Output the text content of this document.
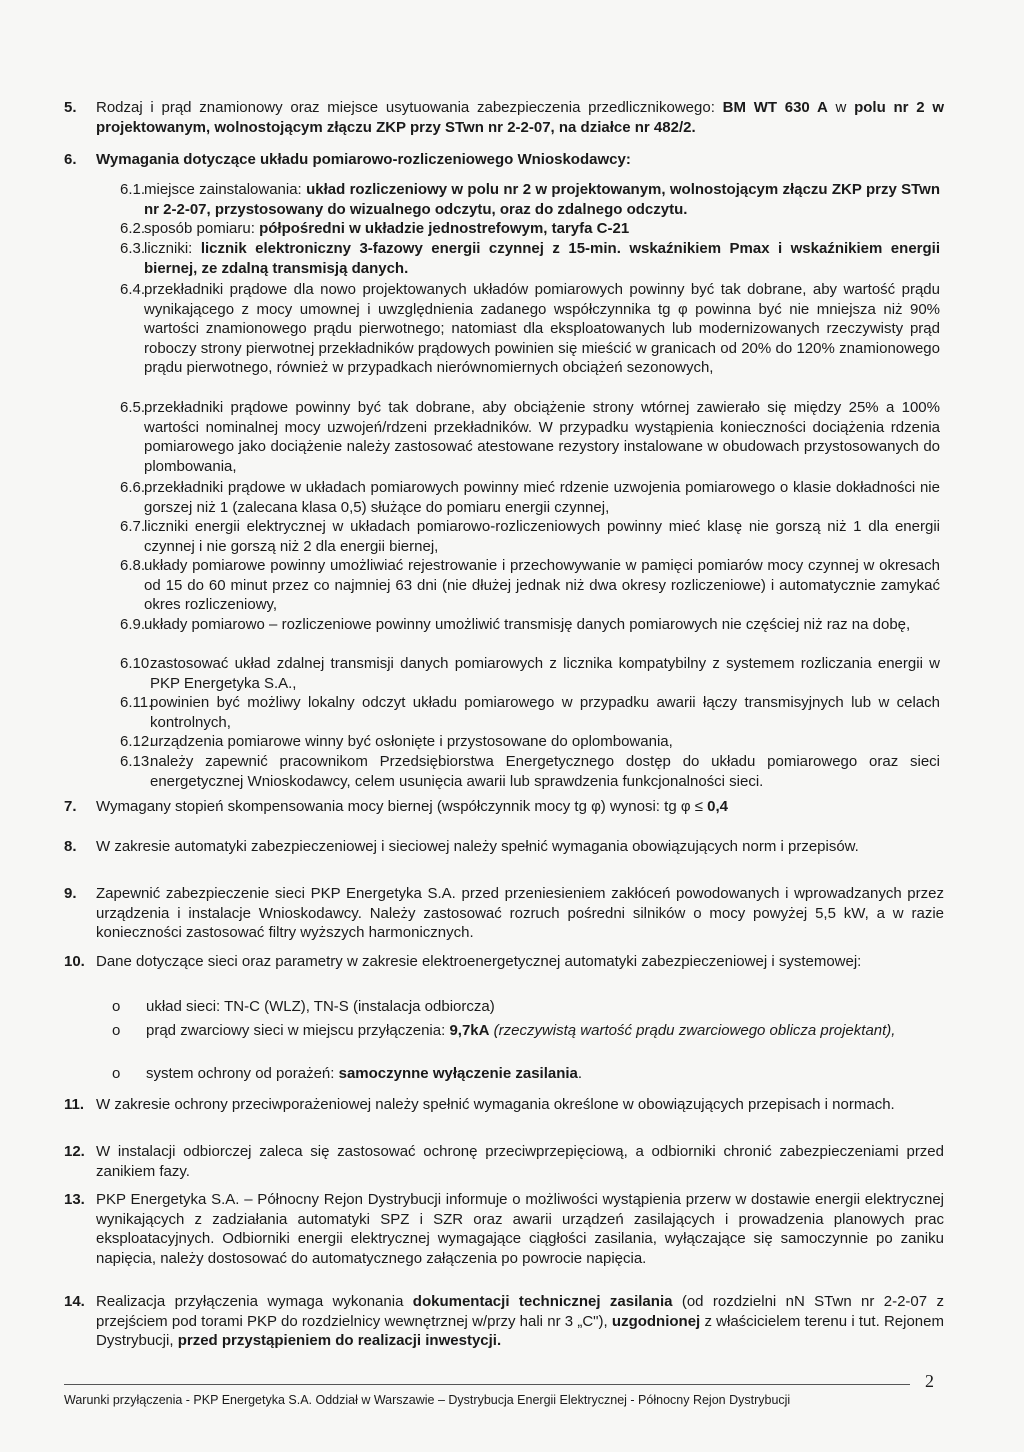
5.	Rodzaj i prąd znamionowy oraz miejsce usytuowania zabezpieczenia przedlicznikowego: BM WT 630 A w polu nr 2 w projektowanym, wolnostojącym złączu ZKP przy STwn nr 2-2-07, na działce nr 482/2.
6.	Wymagania dotyczące układu pomiarowo-rozliczeniowego Wnioskodawcy:
6.1.
miejsce zainstalowania: układ rozliczeniowy w polu nr 2 w projektowanym, wolnostojącym złączu ZKP przy STwn nr 2-2-07, przystosowany do wizualnego odczytu, oraz do zdalnego odczytu.
6.2.
sposób pomiaru: półpośredni w układzie jednostrefowym, taryfa C-21
6.3.
liczniki: licznik elektroniczny 3-fazowy energii czynnej z 15-min. wskaźnikiem Pmax i wskaźnikiem energii biernej, ze zdalną transmisją danych.
6.4.
przekładniki prądowe dla nowo projektowanych układów pomiarowych powinny być tak dobrane, aby wartość prądu wynikającego z mocy umownej i uwzględnienia zadanego współczynnika tg φ powinna być nie mniejsza niż 90% wartości znamionowego prądu pierwotnego; natomiast dla eksploatowanych lub modernizowanych rzeczywisty prąd roboczy strony pierwotnej przekładników prądowych powinien się mieścić w granicach od 20% do 120% znamionowego prądu pierwotnego, również w przypadkach nierównomiernych obciążeń sezonowych,
6.5.
przekładniki prądowe powinny być tak dobrane, aby obciążenie strony wtórnej zawierało się między 25% a 100% wartości nominalnej mocy uzwojeń/rdzeni przekładników. W przypadku wystąpienia konieczności dociążenia rdzenia pomiarowego jako dociążenie należy zastosować atestowane rezystory instalowane w obudowach przystosowanych do plombowania,
6.6.
przekładniki prądowe w układach pomiarowych powinny mieć rdzenie uzwojenia pomiarowego o klasie dokładności nie gorszej niż 1 (zalecana klasa 0,5) służące do pomiaru energii czynnej,
6.7.
liczniki energii elektrycznej w układach pomiarowo-rozliczeniowych powinny mieć klasę nie gorszą niż 1 dla energii czynnej i nie gorszą niż 2 dla energii biernej,
6.8.
układy pomiarowe powinny umożliwiać rejestrowanie i przechowywanie w pamięci pomiarów mocy czynnej w okresach od 15 do 60 minut przez co najmniej 63 dni (nie dłużej jednak niż dwa okresy rozliczeniowe) i automatycznie zamykać okres rozliczeniowy,
6.9.
układy pomiarowo – rozliczeniowe powinny umożliwić transmisję danych pomiarowych nie częściej niż raz na dobę,
6.10.
zastosować układ zdalnej transmisji danych pomiarowych z licznika kompatybilny z systemem rozliczania energii w PKP Energetyka S.A.,
6.11.
powinien być możliwy lokalny odczyt układu pomiarowego w przypadku awarii łączy transmisyjnych lub w celach kontrolnych,
6.12.
urządzenia pomiarowe winny być osłonięte i przystosowane do oplombowania,
6.13.
należy zapewnić pracownikom Przedsiębiorstwa Energetycznego dostęp do układu pomiarowego oraz sieci energetycznej Wnioskodawcy, celem usunięcia awarii lub sprawdzenia funkcjonalności sieci.
7.	Wymagany stopień skompensowania mocy biernej (współczynnik mocy tg φ) wynosi: tg φ ≤ 0,4
8.	W zakresie automatyki zabezpieczeniowej i sieciowej należy spełnić wymagania obowiązujących norm i przepisów.
9.	Zapewnić zabezpieczenie sieci PKP Energetyka S.A. przed przeniesieniem zakłóceń powodowanych i wprowadzanych przez urządzenia i instalacje Wnioskodawcy. Należy zastosować rozruch pośredni silników o mocy powyżej 5,5 kW, a w razie konieczności zastosować filtry wyższych harmonicznych.
10. Dane dotyczące sieci oraz parametry w zakresie elektroenergetycznej automatyki zabezpieczeniowej i systemowej:
o	układ sieci: TN-C (WLZ), TN-S (instalacja odbiorcza)
o	prąd zwarciowy sieci w miejscu przyłączenia: 9,7kA (rzeczywistą wartość prądu zwarciowego oblicza projektant),
o	system ochrony od porażeń: samoczynne wyłączenie zasilania.
11. W zakresie ochrony przeciwporażeniowej należy spełnić wymagania określone w obowiązujących przepisach i normach.
12. W instalacji odbiorczej zaleca się zastosować ochronę przeciwprzepięciową, a odbiorniki chronić zabezpieczeniami przed zanikiem fazy.
13. PKP Energetyka S.A. – Północny Rejon Dystrybucji informuje o możliwości wystąpienia przerw w dostawie energii elektrycznej wynikających z zadziałania automatyki SPZ i SZR oraz awarii urządzeń zasilających i prowadzenia planowych prac eksploatacyjnych. Odbiorniki energii elektrycznej wymagające ciągłości zasilania, wyłączające się samoczynnie po zaniku napięcia, należy dostosować do automatycznego załączenia po powrocie napięcia.
14. Realizacja przyłączenia wymaga wykonania dokumentacji technicznej zasilania (od rozdzielni nN STwn nr 2-2-07 z przejściem pod torami PKP do rozdzielnicy wewnętrznej w/przy hali nr 3 „C"), uzgodnionej z właścicielem terenu i tut. Rejonem Dystrybucji, przed przystąpieniem do realizacji inwestycji.
2
Warunki przyłączenia - PKP Energetyka S.A. Oddział w Warszawie – Dystrybucja Energii Elektrycznej - Północny Rejon Dystrybucji
